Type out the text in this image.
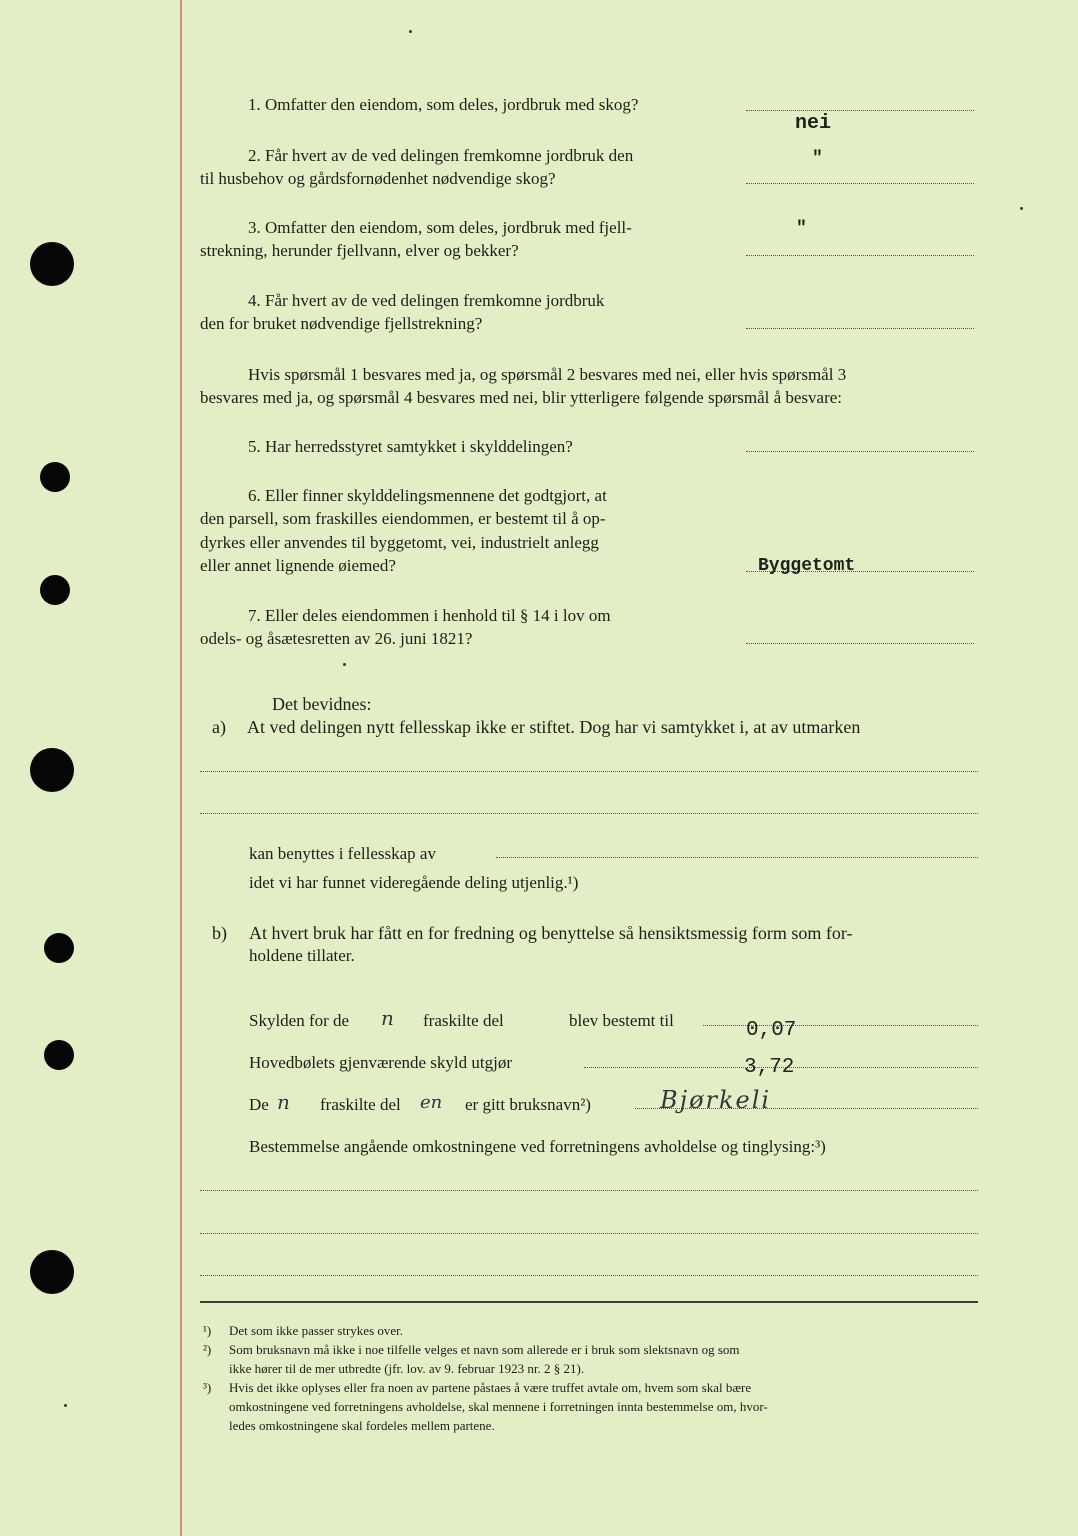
1. Omfatter den eiendom, som deles, jordbruk med skog?
nei
2. Får hvert av de ved delingen fremkomne jordbruk den
til husbehov og gårdsfornødenhet nødvendige skog?
"
3. Omfatter den eiendom, som deles, jordbruk med fjell-
strekning, herunder fjellvann, elver og bekker?
"
4. Får hvert av de ved delingen fremkomne jordbruk
den for bruket nødvendige fjellstrekning?
Hvis spørsmål 1 besvares med ja, og spørsmål 2 besvares med nei, eller hvis spørsmål 3
besvares med ja, og spørsmål 4 besvares med nei, blir ytterligere følgende spørsmål å besvare:
5. Har herredsstyret samtykket i skylddelingen?
6. Eller finner skylddelingsmennene det godtgjort, at
den parsell, som fraskilles eiendommen, er bestemt til å op-
dyrkes eller anvendes til byggetomt, vei, industrielt anlegg
eller annet lignende øiemed?	Byggetomt
7. Eller deles eiendommen i henhold til § 14 i lov om
odels- og åsætesretten av 26. juni 1821?
Det bevidnes:
a) At ved delingen nytt fellesskap ikke er stiftet. Dog har vi samtykket i, at av utmarken
kan benyttes i fellesskap av
idet vi har funnet videregående deling utjenlig.¹)
b) At hvert bruk har fått en for fredning og benyttelse så hensiktsmessig form som for-
holdene tillater.
Skylden for de n fraskilte del	blev bestemt til	0,07
Hovedbølets gjenværende skyld utgjør	3,72
De n fraskilte del en er gitt bruksnavn²)	Bjørkeli
Bestemmelse angående omkostningene ved forretningens avholdelse og tinglysing:³)
¹) Det som ikke passer strykes over.
²) Som bruksnavn må ikke i noe tilfelle velges et navn som allerede er i bruk som slektsnavn og som
ikke hører til de mer utbredte (jfr. lov. av 9. februar 1923 nr. 2 § 21).
³) Hvis det ikke oplyses eller fra noen av partene påstaes å være truffet avtale om, hvem som skal bære
omkostningene ved forretningens avholdelse, skal mennene i forretningen innta bestemmelse om, hvor-
ledes omkostningene skal fordeles mellem partene.
